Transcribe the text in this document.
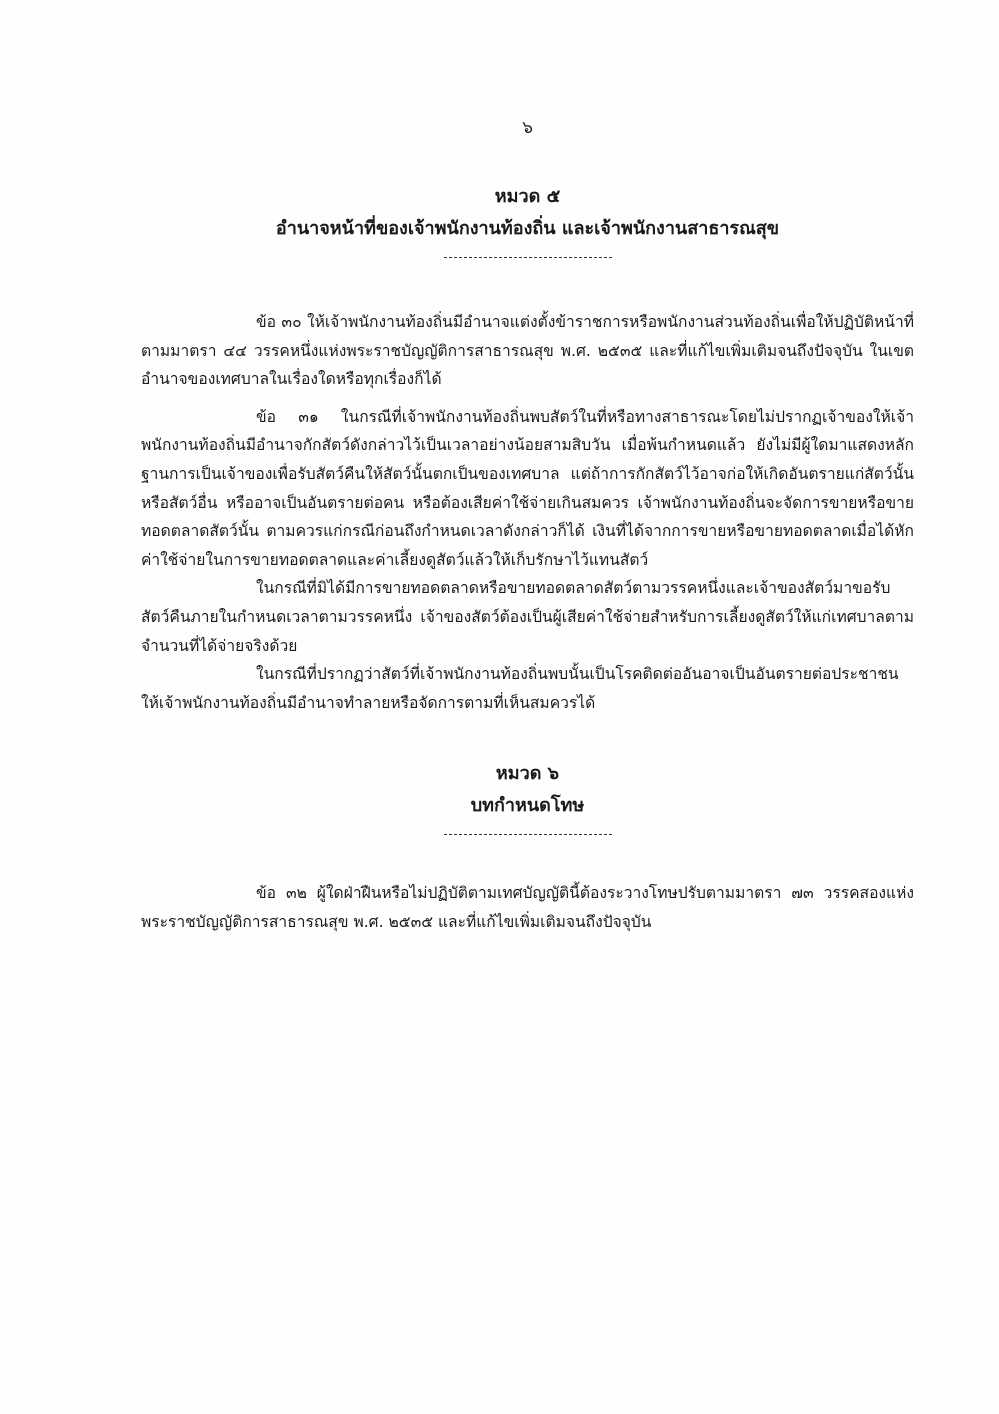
๖
หมวด ๕
อำนาจหน้าที่ของเจ้าพนักงานท้องถิ่น และเจ้าพนักงานสาธารณสุข

ข้อ ๓๐ ให้เจ้าพนักงานท้องถิ่นมีอำนาจแต่งตั้งข้าราชการหรือพนักงานส่วนท้องถิ่นเพื่อให้ปฏิบัติหน้าที่ตามมาตรา ๔๔ วรรคหนึ่งแห่งพระราชบัญญัติการสาธารณสุข พ.ศ. ๒๕๓๕ และที่แก้ไขเพิ่มเติมจนถึงปัจจุบัน ในเขตอำนาจของเทศบาลในเรื่องใดหรือทุกเรื่องก็ได้

ข้อ ๓๑ ในกรณีที่เจ้าพนักงานท้องถิ่นพบสัตว์ในที่หรือทางสาธารณะโดยไม่ปรากฏเจ้าของให้เจ้าพนักงานท้องถิ่นมีอำนาจกักสัตว์ดังกล่าวไว้เป็นเวลาอย่างน้อยสามสิบวัน เมื่อพ้นกำหนดแล้ว ยังไม่มีผู้ใดมาแสดงหลักฐานการเป็นเจ้าของเพื่อรับสัตว์คืนให้สัตว์นั้นตกเป็นของเทศบาล แต่ถ้าการกักสัตว์ไว้อาจก่อให้เกิดอันตรายแก่สัตว์นั้นหรือสัตว์อื่น หรืออาจเป็นอันตรายต่อคน หรือต้องเสียค่าใช้จ่ายเกินสมควร เจ้าพนักงานท้องถิ่นจะจัดการขายหรือขายทอดตลาดสัตว์นั้น ตามควรแก่กรณีก่อนถึงกำหนดเวลาดังกล่าวก็ได้ เงินที่ได้จากการขายหรือขายทอดตลาดเมื่อได้หักค่าใช้จ่ายในการขายทอดตลาดและค่าเลี้ยงดูสัตว์แล้วให้เก็บรักษาไว้แทนสัตว์

ในกรณีที่มิได้มีการขายทอดตลาดหรือขายทอดตลาดสัตว์ตามวรรคหนึ่งและเจ้าของสัตว์มาขอรับสัตว์คืนภายในกำหนดเวลาตามวรรคหนึ่ง เจ้าของสัตว์ต้องเป็นผู้เสียค่าใช้จ่ายสำหรับการเลี้ยงดูสัตว์ให้แก่เทศบาลตามจำนวนที่ได้จ่ายจริงด้วย

ในกรณีที่ปรากฏว่าสัตว์ที่เจ้าพนักงานท้องถิ่นพบนั้นเป็นโรคติดต่ออันอาจเป็นอันตรายต่อประชาชน ให้เจ้าพนักงานท้องถิ่นมีอำนาจทำลายหรือจัดการตามที่เห็นสมควรได้

หมวด ๖
บทกำหนดโทษ

ข้อ ๓๒ ผู้ใดฝ่าฝืนหรือไม่ปฏิบัติตามเทศบัญญัตินี้ต้องระวางโทษปรับตามมาตรา ๗๓ วรรคสองแห่งพระราชบัญญัติการสาธารณสุข พ.ศ. ๒๕๓๕ และที่แก้ไขเพิ่มเติมจนถึงปัจจุบัน
